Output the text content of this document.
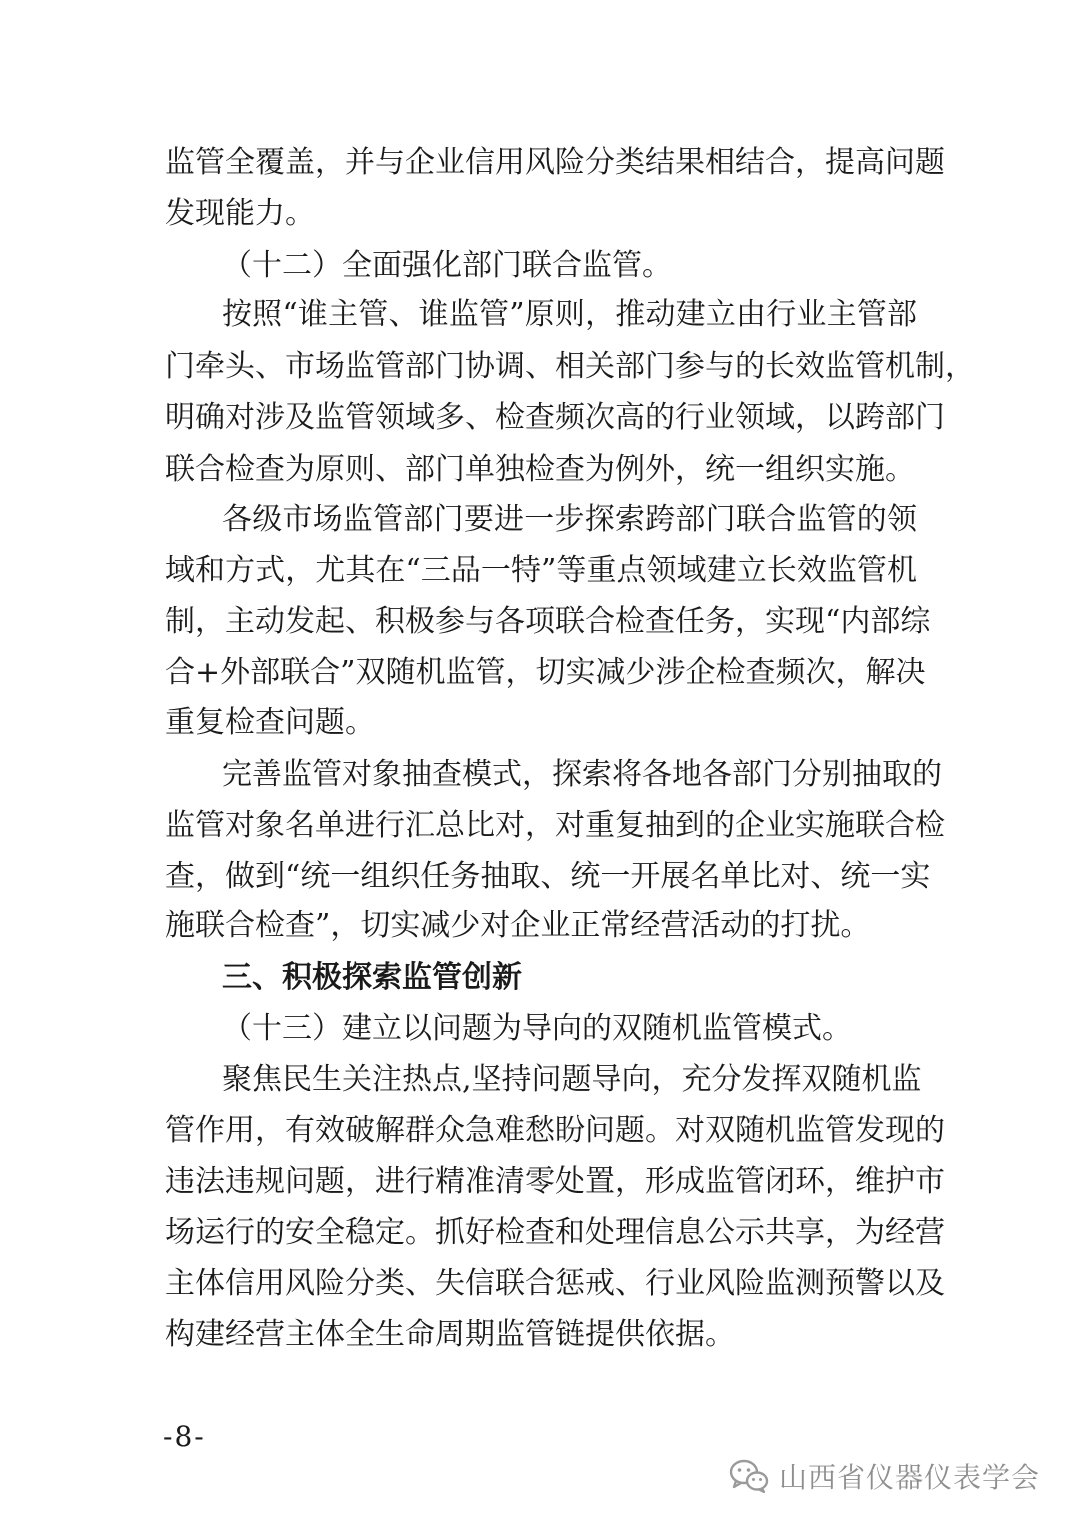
监管全覆盖，并与企业信用风险分类结果相结合，提高问题
发现能力。
（十二）全面强化部门联合监管。
按照“谁主管、谁监管”原则，推动建立由行业主管部
门牵头、市场监管部门协调、相关部门参与的长效监管机制，
明确对涉及监管领域多、检查频次高的行业领域，以跨部门
联合检查为原则、部门单独检查为例外，统一组织实施。
各级市场监管部门要进一步探索跨部门联合监管的领
域和方式，尤其在“三品一特”等重点领域建立长效监管机
制，主动发起、积极参与各项联合检查任务，实现“内部综
合+外部联合”双随机监管，切实减少涉企检查频次，解决
重复检查问题。
完善监管对象抽查模式，探索将各地各部门分别抽取的
监管对象名单进行汇总比对，对重复抽到的企业实施联合检
查，做到“统一组织任务抽取、统一开展名单比对、统一实
施联合检查”，切实减少对企业正常经营活动的打扰。
三、积极探索监管创新
（十三）建立以问题为导向的双随机监管模式。
聚焦民生关注热点,坚持问题导向，充分发挥双随机监
管作用，有效破解群众急难愁盼问题。对双随机监管发现的
违法违规问题，进行精准清零处置，形成监管闭环，维护市
场运行的安全稳定。抓好检查和处理信息公示共享，为经营
主体信用风险分类、失信联合惩戒、行业风险监测预警以及
构建经营主体全生命周期监管链提供依据。
-8-
山西省仪器仪表学会
